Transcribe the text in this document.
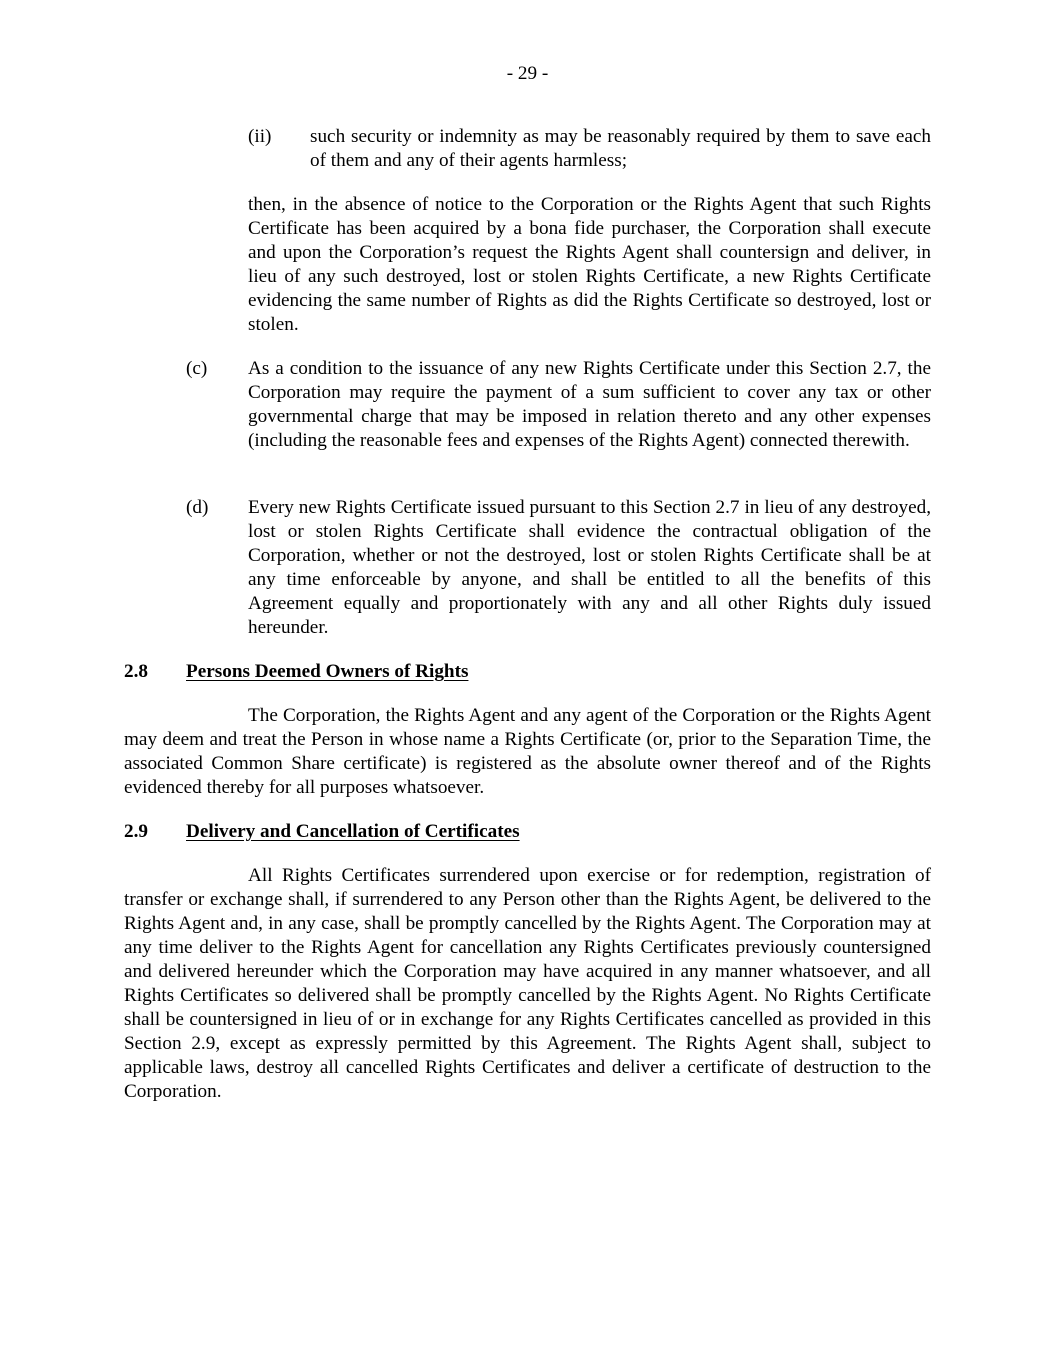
- 29 -
(ii) such security or indemnity as may be reasonably required by them to save each of them and any of their agents harmless;
then, in the absence of notice to the Corporation or the Rights Agent that such Rights Certificate has been acquired by a bona fide purchaser, the Corporation shall execute and upon the Corporation’s request the Rights Agent shall countersign and deliver, in lieu of any such destroyed, lost or stolen Rights Certificate, a new Rights Certificate evidencing the same number of Rights as did the Rights Certificate so destroyed, lost or stolen.
(c) As a condition to the issuance of any new Rights Certificate under this Section 2.7, the Corporation may require the payment of a sum sufficient to cover any tax or other governmental charge that may be imposed in relation thereto and any other expenses (including the reasonable fees and expenses of the Rights Agent) connected therewith.
(d) Every new Rights Certificate issued pursuant to this Section 2.7 in lieu of any destroyed, lost or stolen Rights Certificate shall evidence the contractual obligation of the Corporation, whether or not the destroyed, lost or stolen Rights Certificate shall be at any time enforceable by anyone, and shall be entitled to all the benefits of this Agreement equally and proportionately with any and all other Rights duly issued hereunder.
2.8 Persons Deemed Owners of Rights
The Corporation, the Rights Agent and any agent of the Corporation or the Rights Agent may deem and treat the Person in whose name a Rights Certificate (or, prior to the Separation Time, the associated Common Share certificate) is registered as the absolute owner thereof and of the Rights evidenced thereby for all purposes whatsoever.
2.9 Delivery and Cancellation of Certificates
All Rights Certificates surrendered upon exercise or for redemption, registration of transfer or exchange shall, if surrendered to any Person other than the Rights Agent, be delivered to the Rights Agent and, in any case, shall be promptly cancelled by the Rights Agent. The Corporation may at any time deliver to the Rights Agent for cancellation any Rights Certificates previously countersigned and delivered hereunder which the Corporation may have acquired in any manner whatsoever, and all Rights Certificates so delivered shall be promptly cancelled by the Rights Agent. No Rights Certificate shall be countersigned in lieu of or in exchange for any Rights Certificates cancelled as provided in this Section 2.9, except as expressly permitted by this Agreement. The Rights Agent shall, subject to applicable laws, destroy all cancelled Rights Certificates and deliver a certificate of destruction to the Corporation.
